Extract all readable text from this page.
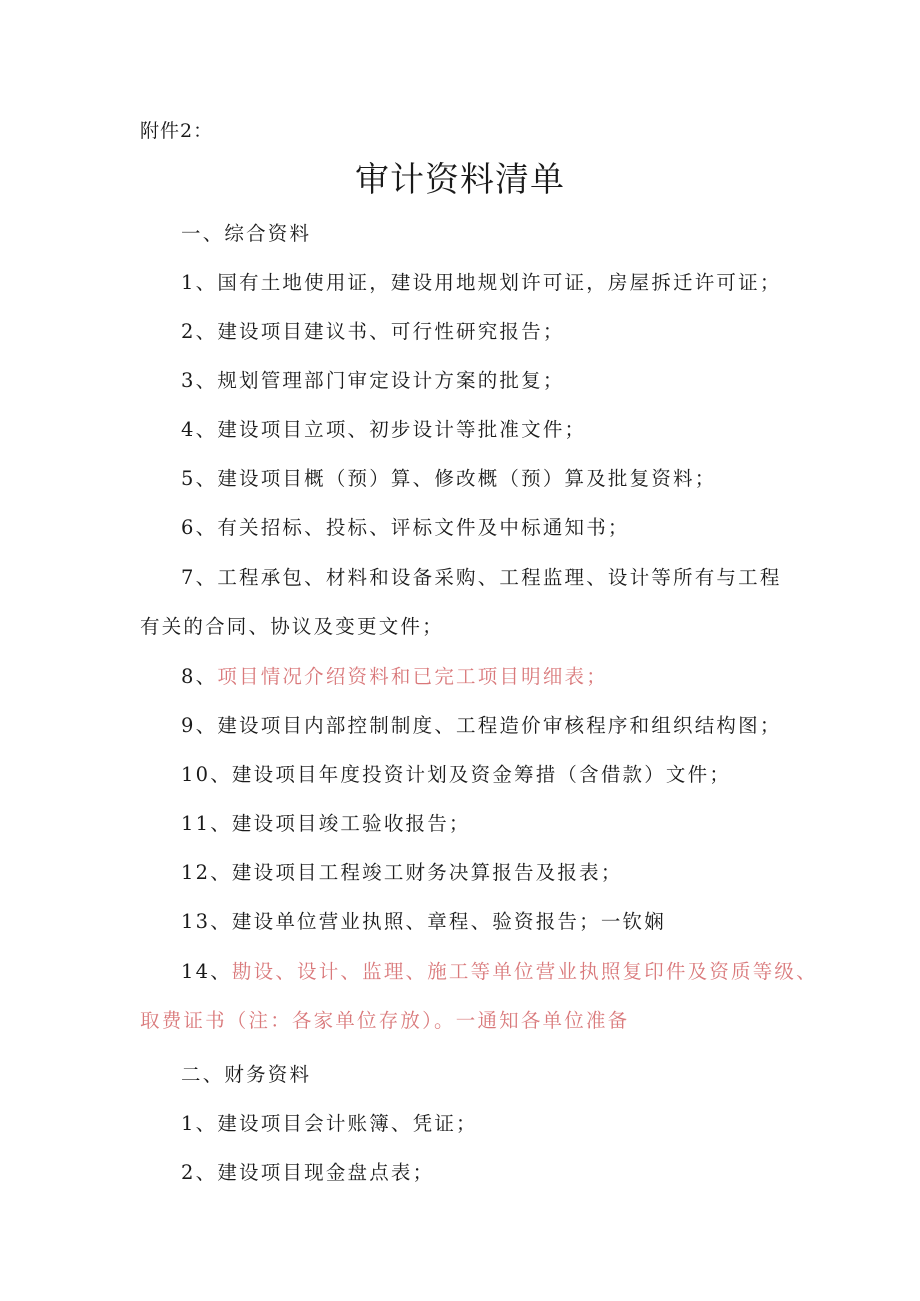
附件2：
审计资料清单
一、综合资料
1、国有土地使用证，建设用地规划许可证，房屋拆迁许可证；
2、建设项目建议书、可行性研究报告；
3、规划管理部门审定设计方案的批复；
4、建设项目立项、初步设计等批准文件；
5、建设项目概（预）算、修改概（预）算及批复资料；
6、有关招标、投标、评标文件及中标通知书；
7、工程承包、材料和设备采购、工程监理、设计等所有与工程
有关的合同、协议及变更文件；
8、项目情况介绍资料和已完工项目明细表；
9、建设项目内部控制制度、工程造价审核程序和组织结构图；
10、建设项目年度投资计划及资金筹措（含借款）文件；
11、建设项目竣工验收报告；
12、建设项目工程竣工财务决算报告及报表；
13、建设单位营业执照、章程、验资报告；一钦娴
14、勘设、设计、监理、施工等单位营业执照复印件及资质等级、
取费证书（注：各家单位存放）。一通知各单位准备
二、财务资料
1、建设项目会计账簿、凭证；
2、建设项目现金盘点表；
